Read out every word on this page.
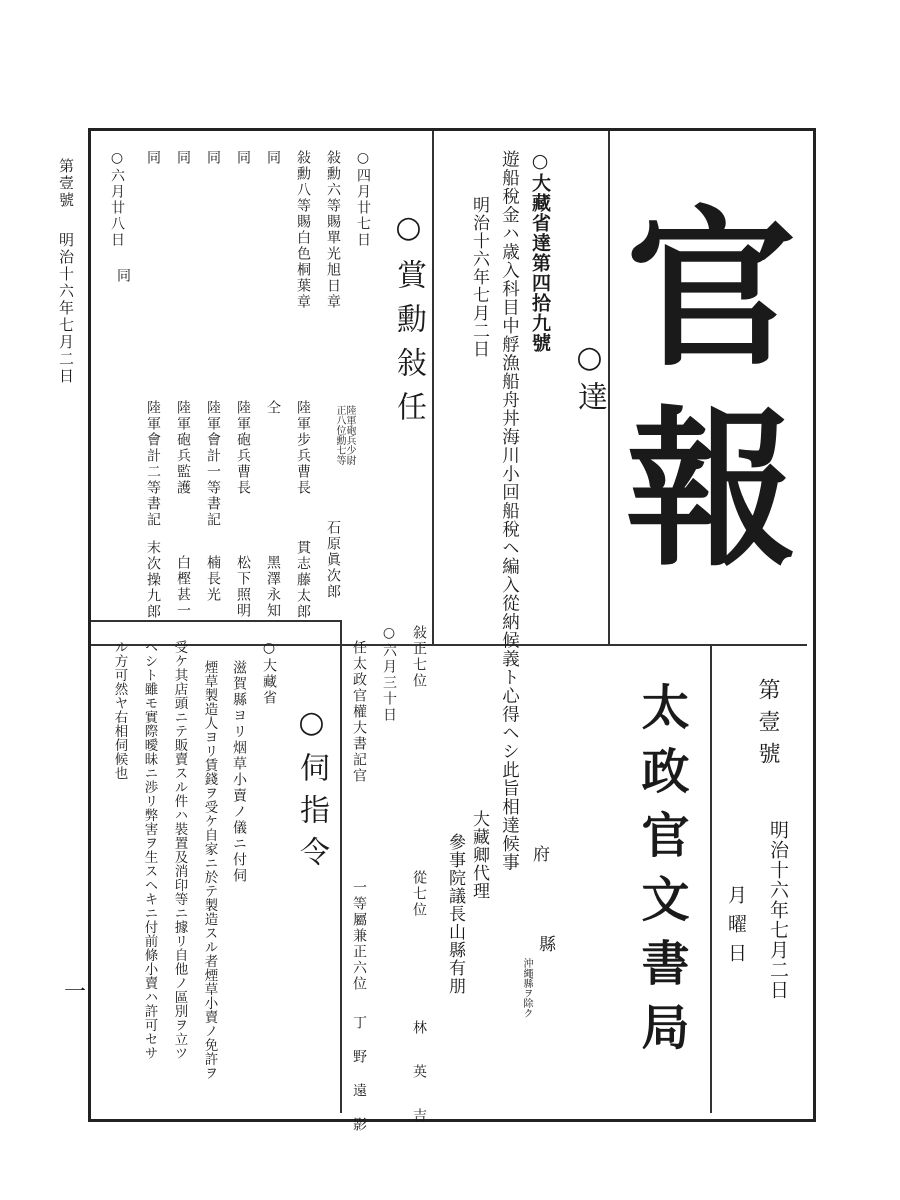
第壹號
明治十六年七月二日
一
官
報
第壹號
明治十六年七月二日
月曜日
太政官文書局
○達
○大藏省達第四拾九號
府
縣
沖繩縣ヲ除ク
遊船稅金ハ歳入科目中艀漁船舟丼海川小回船稅ヘ編入從納候義ト心得ヘシ此旨相達候事
明治十六年七月二日
大藏卿代理
參事院議長山縣有朋
○賞勳敍任
○四月廿七日
敍勳六等賜單光旭日章
陸軍砲兵少尉 正八位勳七等
石原眞次郎
敍勳八等賜白色桐葉章
同
陸軍步兵曹長
貫志藤太郎
同
仝
黑澤永知
同
陸軍砲兵曹長
松下照明
同
陸軍會計一等書記
楠長光
同
陸軍砲兵監護
白樫甚一
同
陸軍會計二等書記
末次操九郎
○六月廿八日
敍正七位
從七位
林英吉
○六月三十日
任太政官權大書記官
一等屬兼正六位
丁野遠影
○伺指令
○大藏省
滋賀縣ヨリ烟草小賣ノ儀ニ付伺
煙草製造人ヨリ賃錢ヲ受ケ自家ニ於テ製造スル者煙草小賣ノ免許ヲ
受ケ其店頭ニテ販賣スル件ハ裝置及消印等ニ據リ自他ノ區別ヲ立ツ
ヘシト雖モ實際曖昧ニ渉リ弊害ヲ生スヘキニ付前條小賣ハ許可セサ
ル方可然ヤ右相伺候也
